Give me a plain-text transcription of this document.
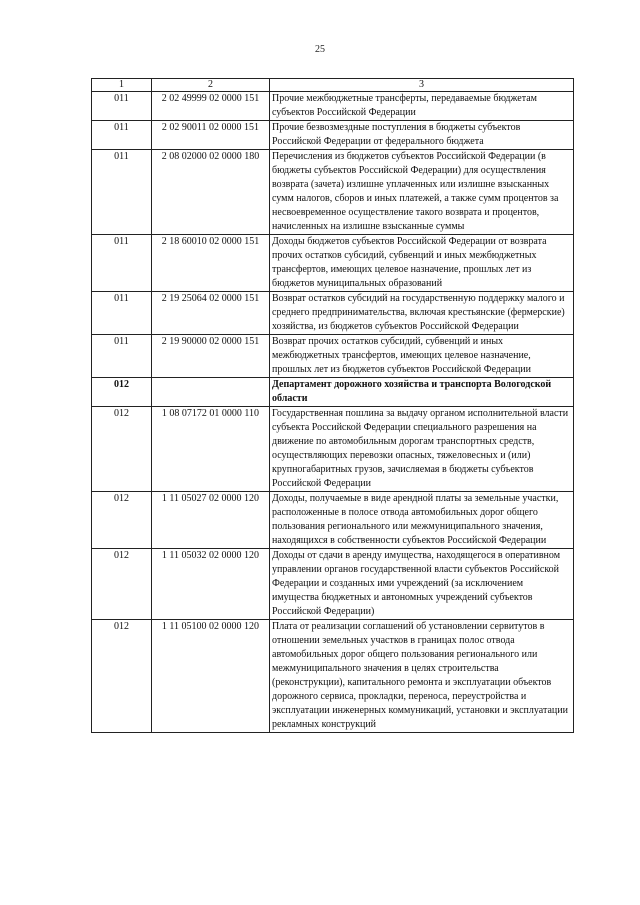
25
1	2	3
011	2 02 49999 02 0000 151	Прочие межбюджетные трансферты, передаваемые бюджетам субъектов Российской Федерации
011	2 02 90011 02 0000 151	Прочие безвозмездные поступления в бюджеты субъектов Российской Федерации от федерального бюджета
011	2 08 02000 02 0000 180	Перечисления из бюджетов субъектов Российской Федерации (в бюджеты субъектов Российской Федерации) для осуществления возврата (зачета) излишне уплаченных или излишне взысканных сумм налогов, сборов и иных платежей, а также сумм процентов за несвоевременное осуществление такого возврата и процентов, начисленных на излишне взысканные суммы
011	2 18 60010 02 0000 151	Доходы бюджетов субъектов Российской Федерации от возврата прочих остатков субсидий, субвенций и иных межбюджетных трансфертов, имеющих целевое назначение, прошлых лет из бюджетов муниципальных образований
011	2 19 25064 02 0000 151	Возврат остатков субсидий на государственную поддержку малого и среднего предпринимательства, включая крестьянские (фермерские) хозяйства, из бюджетов субъектов Российской Федерации
011	2 19 90000 02 0000 151	Возврат прочих остатков субсидий, субвенций и иных межбюджетных трансфертов, имеющих целевое назначение, прошлых лет из бюджетов субъектов Российской Федерации
012		Департамент дорожного хозяйства и транспорта Вологодской области
012	1 08 07172 01 0000 110	Государственная пошлина за выдачу органом исполнительной власти субъекта Российской Федерации специального разрешения на движение по автомобильным дорогам транспортных средств, осуществляющих перевозки опасных, тяжеловесных и (или) крупногабаритных грузов, зачисляемая в бюджеты субъектов Российской Федерации
012	1 11 05027 02 0000 120	Доходы, получаемые в виде арендной платы за земельные участки, расположенные в полосе отвода автомобильных дорог общего пользования регионального или межмуниципального значения, находящихся в собственности субъектов Российской Федерации
012	1 11 05032 02 0000 120	Доходы от сдачи в аренду имущества, находящегося в оперативном управлении органов государственной власти субъектов Российской Федерации и созданных ими учреждений (за исключением имущества бюджетных и автономных учреждений субъектов Российской Федерации)
012	1 11 05100 02 0000 120	Плата от реализации соглашений об установлении сервитутов в отношении земельных участков в границах полос отвода автомобильных дорог общего пользования регионального или межмуниципального значения в целях строительства (реконструкции), капитального ремонта и эксплуатации объектов дорожного сервиса, прокладки, переноса, переустройства и эксплуатации инженерных коммуникаций, установки и эксплуатации рекламных конструкций
